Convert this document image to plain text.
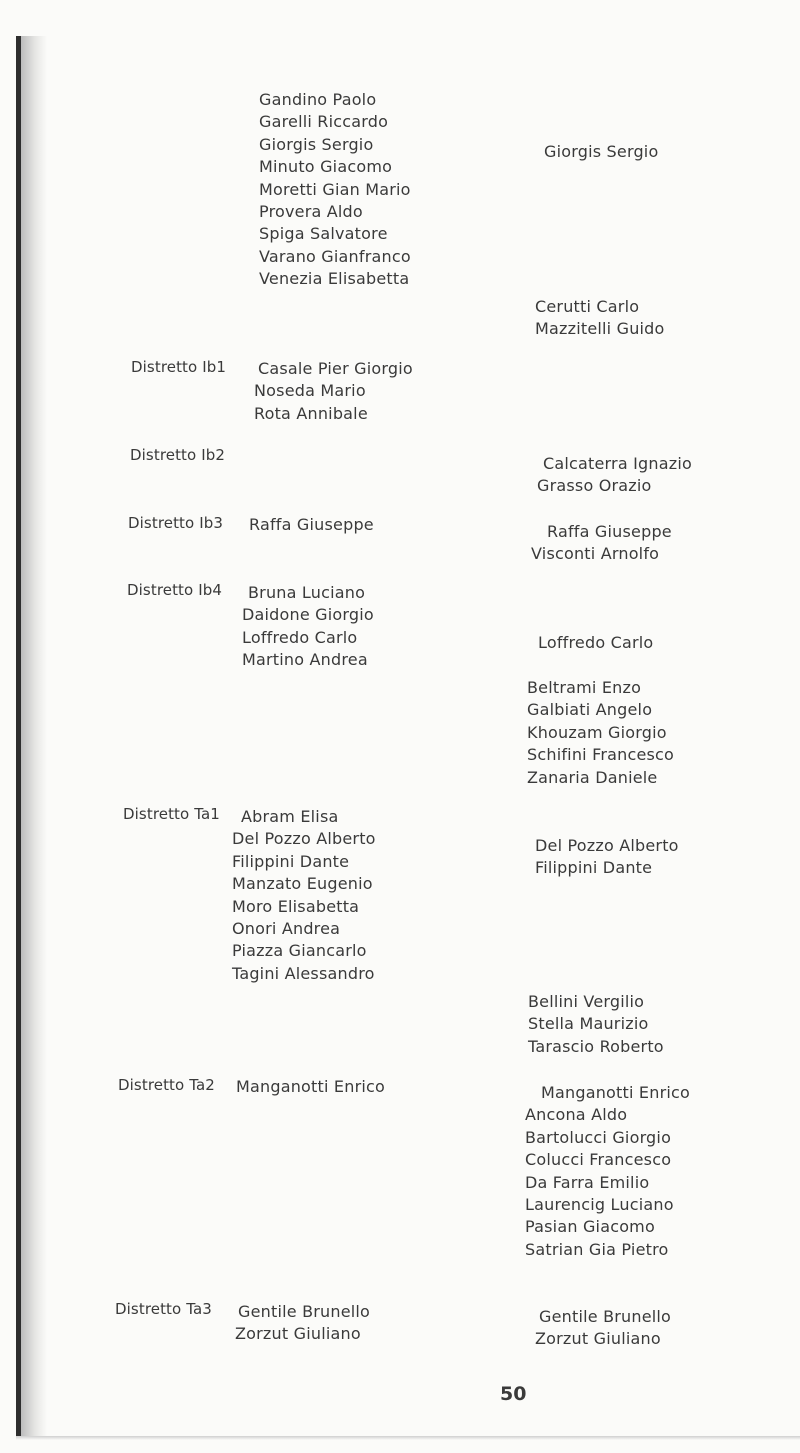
Distretto Ib1
Distretto Ib2
Distretto Ib3
Distretto Ib4
Distretto Ta1
Distretto Ta2
Distretto Ta3
Gandino Paolo
Garelli Riccardo
Giorgis Sergio
Minuto Giacomo
Moretti Gian Mario
Provera Aldo
Spiga Salvatore
Varano Gianfranco
Venezia Elisabetta
Casale Pier Giorgio
Noseda Mario
Rota Annibale
Raffa Giuseppe
Bruna Luciano
Daidone Giorgio
Loffredo Carlo
Martino Andrea
Abram Elisa
Del Pozzo Alberto
Filippini Dante
Manzato Eugenio
Moro Elisabetta
Onori Andrea
Piazza Giancarlo
Tagini Alessandro
Manganotti Enrico
Gentile Brunello
Zorzut Giuliano
Giorgis Sergio
Cerutti Carlo
Mazzitelli Guido
Calcaterra Ignazio
Grasso Orazio
Raffa Giuseppe
Visconti Arnolfo
Loffredo Carlo
Beltrami Enzo
Galbiati Angelo
Khouzam Giorgio
Schifini Francesco
Zanaria Daniele
Del Pozzo Alberto
Filippini Dante
Bellini Vergilio
Stella Maurizio
Tarascio Roberto
Manganotti Enrico
Ancona Aldo
Bartolucci Giorgio
Colucci Francesco
Da Farra Emilio
Laurencig Luciano
Pasian Giacomo
Satrian Gia Pietro
Gentile Brunello
Zorzut Giuliano
50
